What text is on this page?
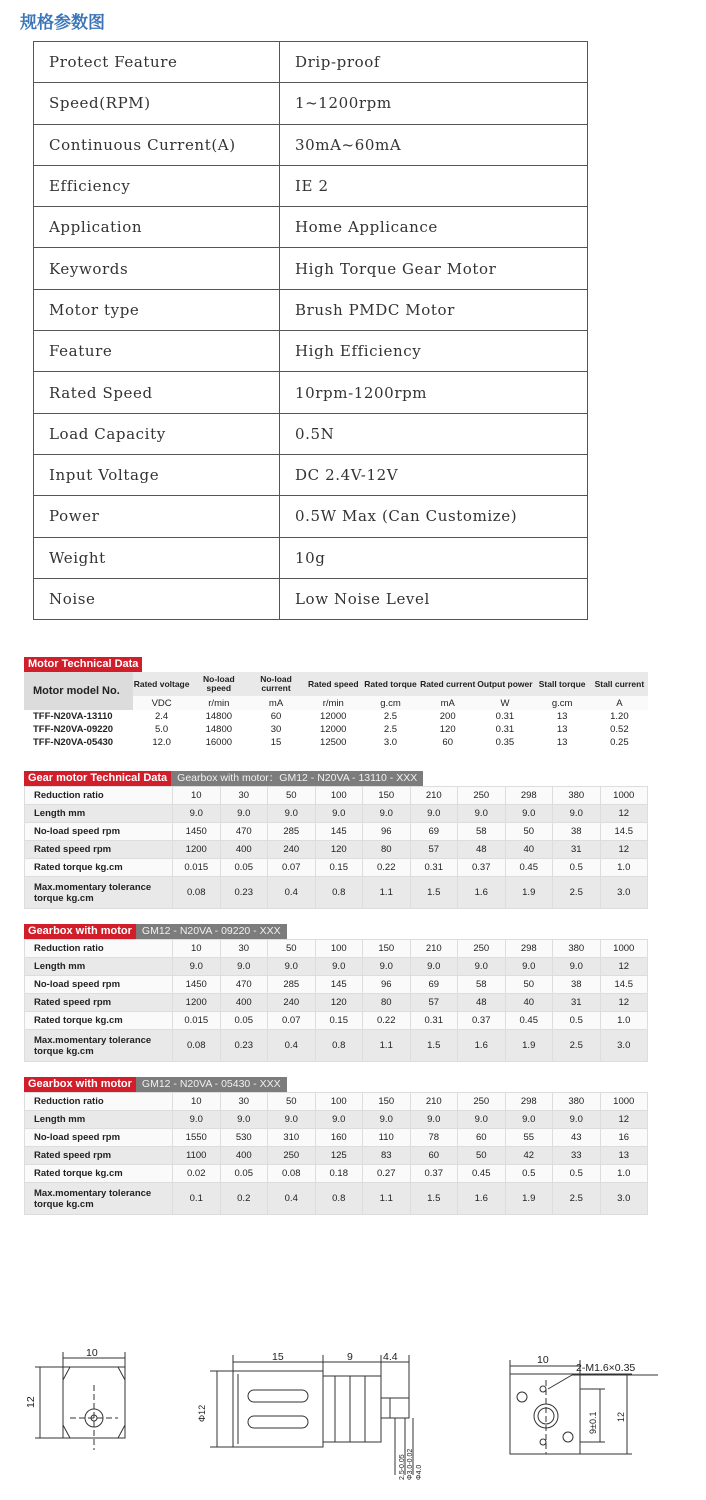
规格参数图
Protect Feature	Drip-proof
Speed(RPM)	1~1200rpm
Continuous Current(A)	30mA~60mA
Efficiency	IE 2
Application	Home Applicance
Keywords	High Torque Gear Motor
Motor type	Brush PMDC Motor
Feature	High Efficiency
Rated Speed	10rpm-1200rpm
Load Capacity	0.5N
Input Voltage	DC 2.4V-12V
Power	0.5W Max (Can Customize)
Weight	10g
Noise	Low Noise Level
Motor Technical Data
Motor model No.	Rated voltage	No-load speed	No-load current	Rated speed	Rated torque	Rated current	Output power	Stall torque	Stall current
	VDC	r/min	mA	r/min	g.cm	mA	W	g.cm	A
TFF-N20VA-13110	2.4	14800	60	12000	2.5	200	0.31	13	1.20
TFF-N20VA-09220	5.0	14800	30	12000	2.5	120	0.31	13	0.52
TFF-N20VA-05430	12.0	16000	15	12500	3.0	60	0.35	13	0.25
Gear motor Technical Data Gearbox with motor：GM12 - N20VA - 13110 - XXX
Reduction ratio	10	30	50	100	150	210	250	298	380	1000
Length mm	9.0	9.0	9.0	9.0	9.0	9.0	9.0	9.0	9.0	12
No-load speed rpm	1450	470	285	145	96	69	58	50	38	14.5
Rated speed rpm	1200	400	240	120	80	57	48	40	31	12
Rated torque kg.cm	0.015	0.05	0.07	0.15	0.22	0.31	0.37	0.45	0.5	1.0
Max.momentary tolerance torque kg.cm	0.08	0.23	0.4	0.8	1.1	1.5	1.6	1.9	2.5	3.0
Gearbox with motor GM12 - N20VA - 09220 - XXX
Reduction ratio	10	30	50	100	150	210	250	298	380	1000
Length mm	9.0	9.0	9.0	9.0	9.0	9.0	9.0	9.0	9.0	12
No-load speed rpm	1450	470	285	145	96	69	58	50	38	14.5
Rated speed rpm	1200	400	240	120	80	57	48	40	31	12
Rated torque kg.cm	0.015	0.05	0.07	0.15	0.22	0.31	0.37	0.45	0.5	1.0
Max.momentary tolerance torque kg.cm	0.08	0.23	0.4	0.8	1.1	1.5	1.6	1.9	2.5	3.0
Gearbox with motor GM12 - N20VA - 05430 - XXX
Reduction ratio	10	30	50	100	150	210	250	298	380	1000
Length mm	9.0	9.0	9.0	9.0	9.0	9.0	9.0	9.0	9.0	12
No-load speed rpm	1550	530	310	160	110	78	60	55	43	16
Rated speed rpm	1100	400	250	125	83	60	50	42	33	13
Rated torque kg.cm	0.02	0.05	0.08	0.18	0.27	0.37	0.45	0.5	0.5	1.0
Max.momentary tolerance torque kg.cm	0.1	0.2	0.4	0.8	1.1	1.5	1.6	1.9	2.5	3.0
10
12
15	9	4.4
Φ12
2.5-0.05 Φ3.0-0.02 Φ4.0
10
2-M1.6×0.35
9±0.1 12
